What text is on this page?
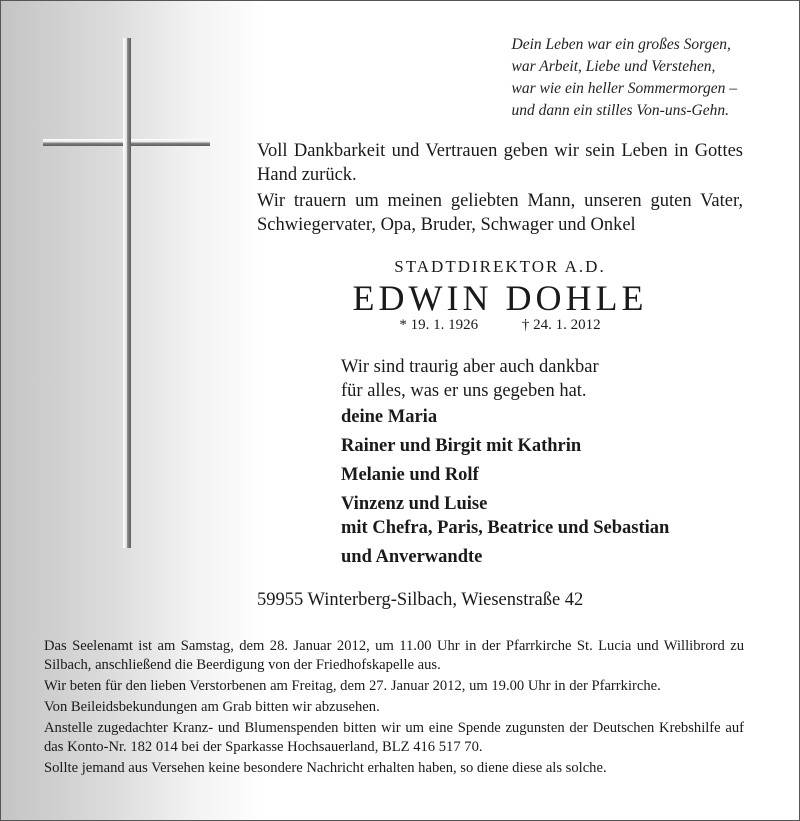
Dein Leben war ein großes Sorgen,
war Arbeit, Liebe und Verstehen,
war wie ein heller Sommermorgen –
und dann ein stilles Von-uns-Gehn.

Voll Dankbarkeit und Vertrauen geben wir sein Leben in Gottes Hand zurück.

Wir trauern um meinen geliebten Mann, unseren guten Vater, Schwiegervater, Opa, Bruder, Schwager und Onkel

STADTDIREKTOR A.D.
EDWIN DOHLE
* 19. 1. 1926	† 24. 1. 2012
Wir sind traurig aber auch dankbar
für alles, was er uns gegeben hat.
deine Maria
Rainer und Birgit mit Kathrin
Melanie und Rolf
Vinzenz und Luise
mit Chefra, Paris, Beatrice und Sebastian
und Anverwandte
59955 Winterberg-Silbach, Wiesenstraße 42

Das Seelenamt ist am Samstag, dem 28. Januar 2012, um 11.00 Uhr in der Pfarrkirche St. Lucia und Willibrord zu Silbach, anschließend die Beerdigung von der Friedhofskapelle aus.

Wir beten für den lieben Verstorbenen am Freitag, dem 27. Januar 2012, um 19.00 Uhr in der Pfarrkirche.

Von Beileidsbekundungen am Grab bitten wir abzusehen.

Anstelle zugedachter Kranz- und Blumenspenden bitten wir um eine Spende zugunsten der Deutschen Krebshilfe auf das Konto-Nr. 182 014 bei der Sparkasse Hochsauerland, BLZ 416 517 70.

Sollte jemand aus Versehen keine besondere Nachricht erhalten haben, so diene diese als solche.
